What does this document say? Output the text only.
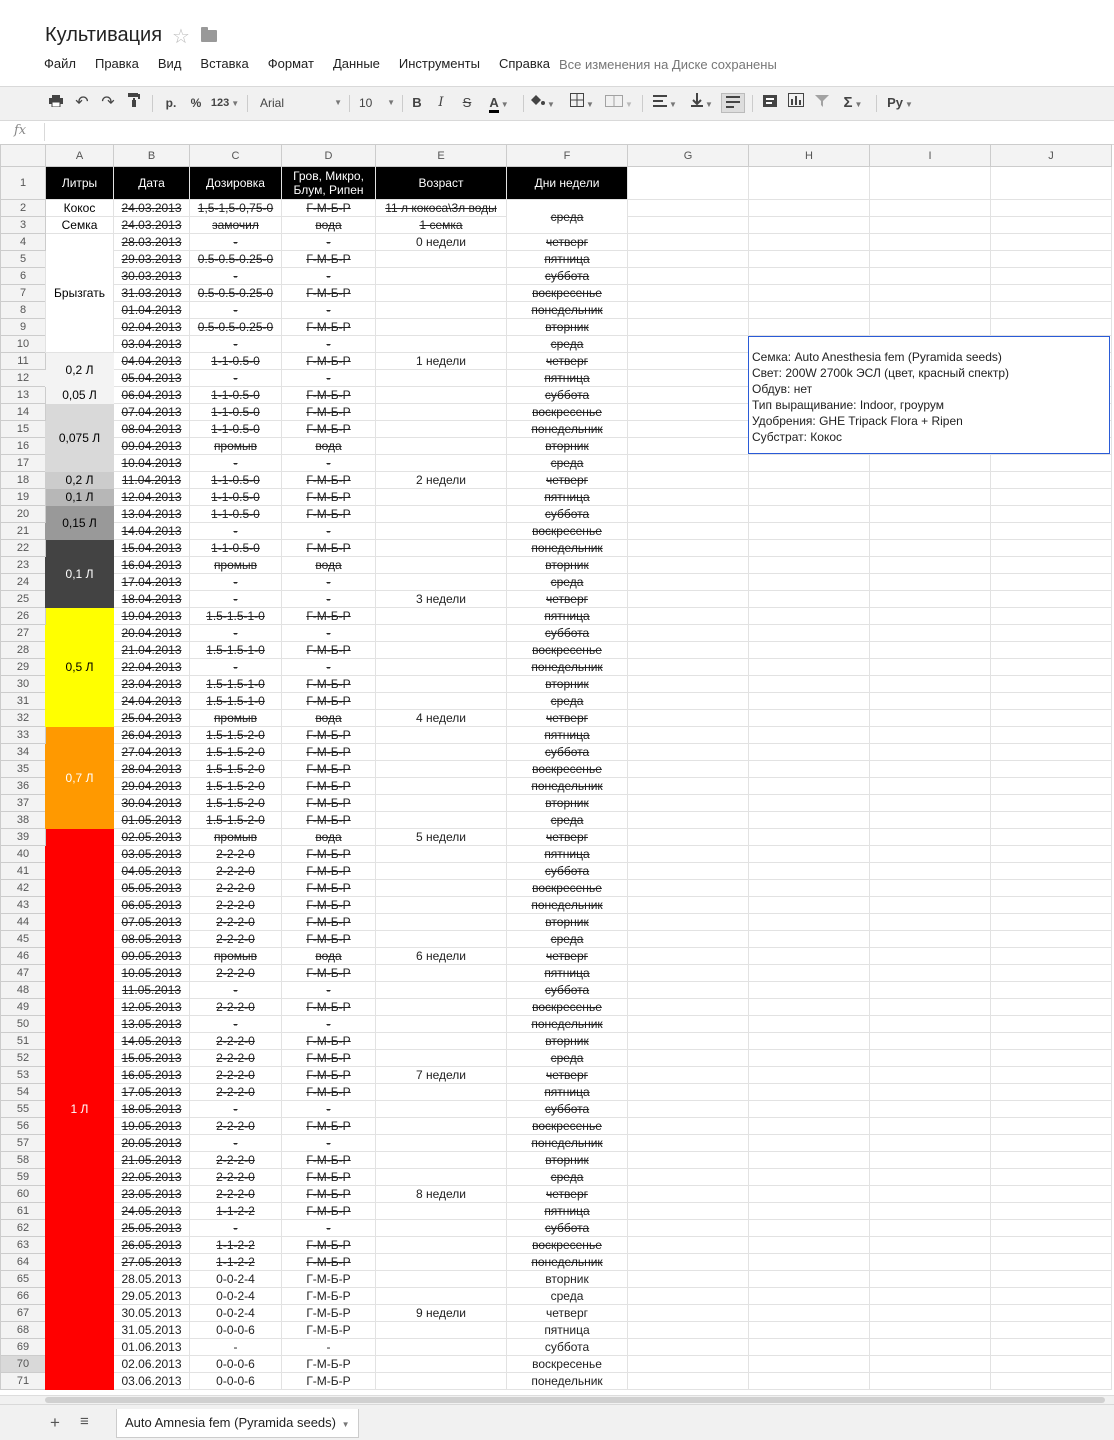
Культивация ☆
Файл	Правка	Вид	Вставка	Формат	Данные	Инструменты	Справка Все изменения на Диске сохранены
↶ ↷	р.	% 123 ▼	Arial	▼	10 ▼	B	I	S	A ▼	▼	▼	▼	▼	▼	Σ ▼	Ру ▼
fx
	A	B	C	D	E	F	G	H	I	J
1	Литры	Дата	Дозировка	Гров, Микро, Блум, Рипен	Возраст	Дни недели				
2	Кокос	24.03.2013	1,5-1,5-0,75-0	Г-М-Б-Р	11 л кокоса\3л воды	среда				
3	Семка	24.03.2013	замочил	вода	1 семка					
4	Брызгать	28.03.2013	-	-	0 недели	четверг				
5		29.03.2013	0.5-0.5-0.25-0	Г-М-Б-Р		пятница				
6		30.03.2013	-	-		суббота				
7		31.03.2013	0.5-0.5-0.25-0	Г-М-Б-Р		воскресенье				
8		01.04.2013	-	-		понедельник				
9		02.04.2013	0.5-0.5-0.25-0	Г-М-Б-Р		вторник				
10		03.04.2013	-	-		среда				
11	0,2 Л	04.04.2013	1-1-0.5-0	Г-М-Б-Р	1 недели	четверг				
12		05.04.2013	-	-		пятница				
13	0,05 Л	06.04.2013	1-1-0.5-0	Г-М-Б-Р		суббота				
14	0,075 Л	07.04.2013	1-1-0.5-0	Г-М-Б-Р		воскресенье				
15		08.04.2013	1-1-0.5-0	Г-М-Б-Р		понедельник				
16		09.04.2013	промыв	вода		вторник				
17		10.04.2013	-	-		среда				
18	0,2 Л	11.04.2013	1-1-0.5-0	Г-М-Б-Р	2 недели	четверг				
19	0,1 Л	12.04.2013	1-1-0.5-0	Г-М-Б-Р		пятница				
20	0,15 Л	13.04.2013	1-1-0.5-0	Г-М-Б-Р		суббота				
21		14.04.2013	-	-		воскресенье				
22	0,1 Л	15.04.2013	1-1-0.5-0	Г-М-Б-Р		понедельник				
23		16.04.2013	промыв	вода		вторник				
24		17.04.2013	-	-		среда				
25		18.04.2013	-	-	3 недели	четверг				
26	0,5 Л	19.04.2013	1.5-1.5-1-0	Г-М-Б-Р		пятница				
27		20.04.2013	-	-		суббота				
28		21.04.2013	1.5-1.5-1-0	Г-М-Б-Р		воскресенье				
29		22.04.2013	-	-		понедельник				
30		23.04.2013	1.5-1.5-1-0	Г-М-Б-Р		вторник				
31		24.04.2013	1.5-1.5-1-0	Г-М-Б-Р		среда				
32		25.04.2013	промыв	вода	4 недели	четверг				
33	0,7 Л	26.04.2013	1.5-1.5-2-0	Г-М-Б-Р		пятница				
34		27.04.2013	1.5-1.5-2-0	Г-М-Б-Р		суббота				
35		28.04.2013	1.5-1.5-2-0	Г-М-Б-Р		воскресенье				
36		29.04.2013	1.5-1.5-2-0	Г-М-Б-Р		понедельник				
37		30.04.2013	1.5-1.5-2-0	Г-М-Б-Р		вторник				
38		01.05.2013	1.5-1.5-2-0	Г-М-Б-Р		среда				
39	1 Л	02.05.2013	промыв	вода	5 недели	четверг				
40		03.05.2013	2-2-2-0	Г-М-Б-Р		пятница				
41		04.05.2013	2-2-2-0	Г-М-Б-Р		суббота				
42		05.05.2013	2-2-2-0	Г-М-Б-Р		воскресенье				
43		06.05.2013	2-2-2-0	Г-М-Б-Р		понедельник				
44		07.05.2013	2-2-2-0	Г-М-Б-Р		вторник				
45		08.05.2013	2-2-2-0	Г-М-Б-Р		среда				
46		09.05.2013	промыв	вода	6 недели	четверг				
47		10.05.2013	2-2-2-0	Г-М-Б-Р		пятница				
48		11.05.2013	-	-		суббота				
49		12.05.2013	2-2-2-0	Г-М-Б-Р		воскресенье				
50		13.05.2013	-	-		понедельник				
51		14.05.2013	2-2-2-0	Г-М-Б-Р		вторник				
52		15.05.2013	2-2-2-0	Г-М-Б-Р		среда				
53		16.05.2013	2-2-2-0	Г-М-Б-Р	7 недели	четверг				
54		17.05.2013	2-2-2-0	Г-М-Б-Р		пятница				
55		18.05.2013	-	-		суббота				
56		19.05.2013	2-2-2-0	Г-М-Б-Р		воскресенье				
57		20.05.2013	-	-		понедельник				
58		21.05.2013	2-2-2-0	Г-М-Б-Р		вторник				
59		22.05.2013	2-2-2-0	Г-М-Б-Р		среда				
60		23.05.2013	2-2-2-0	Г-М-Б-Р	8 недели	четверг				
61		24.05.2013	1-1-2-2	Г-М-Б-Р		пятница				
62		25.05.2013	-	-		суббота				
63		26.05.2013	1-1-2-2	Г-М-Б-Р		воскресенье				
64		27.05.2013	1-1-2-2	Г-М-Б-Р		понедельник				
65		28.05.2013	0-0-2-4	Г-М-Б-Р		вторник				
66		29.05.2013	0-0-2-4	Г-М-Б-Р		среда				
67		30.05.2013	0-0-2-4	Г-М-Б-Р	9 недели	четверг				
68		31.05.2013	0-0-0-6	Г-М-Б-Р		пятница				
69		01.06.2013	-	-		суббота				
70		02.06.2013	0-0-0-6	Г-М-Б-Р		воскресенье				
71		03.06.2013	0-0-0-6	Г-М-Б-Р		понедельник				
Семка: Auto Anesthesia fem (Pyramida seeds)
Свет: 200W 2700k ЭСЛ (цвет, красный спектр)
Обдув: нет
Тип выращивание: Indoor, гроурум
Удобрения: GHE Tripack Flora + Ripen
Субстрат: Кокос
+ ≡	Auto Amnesia fem (Pyramida seeds) ▼
